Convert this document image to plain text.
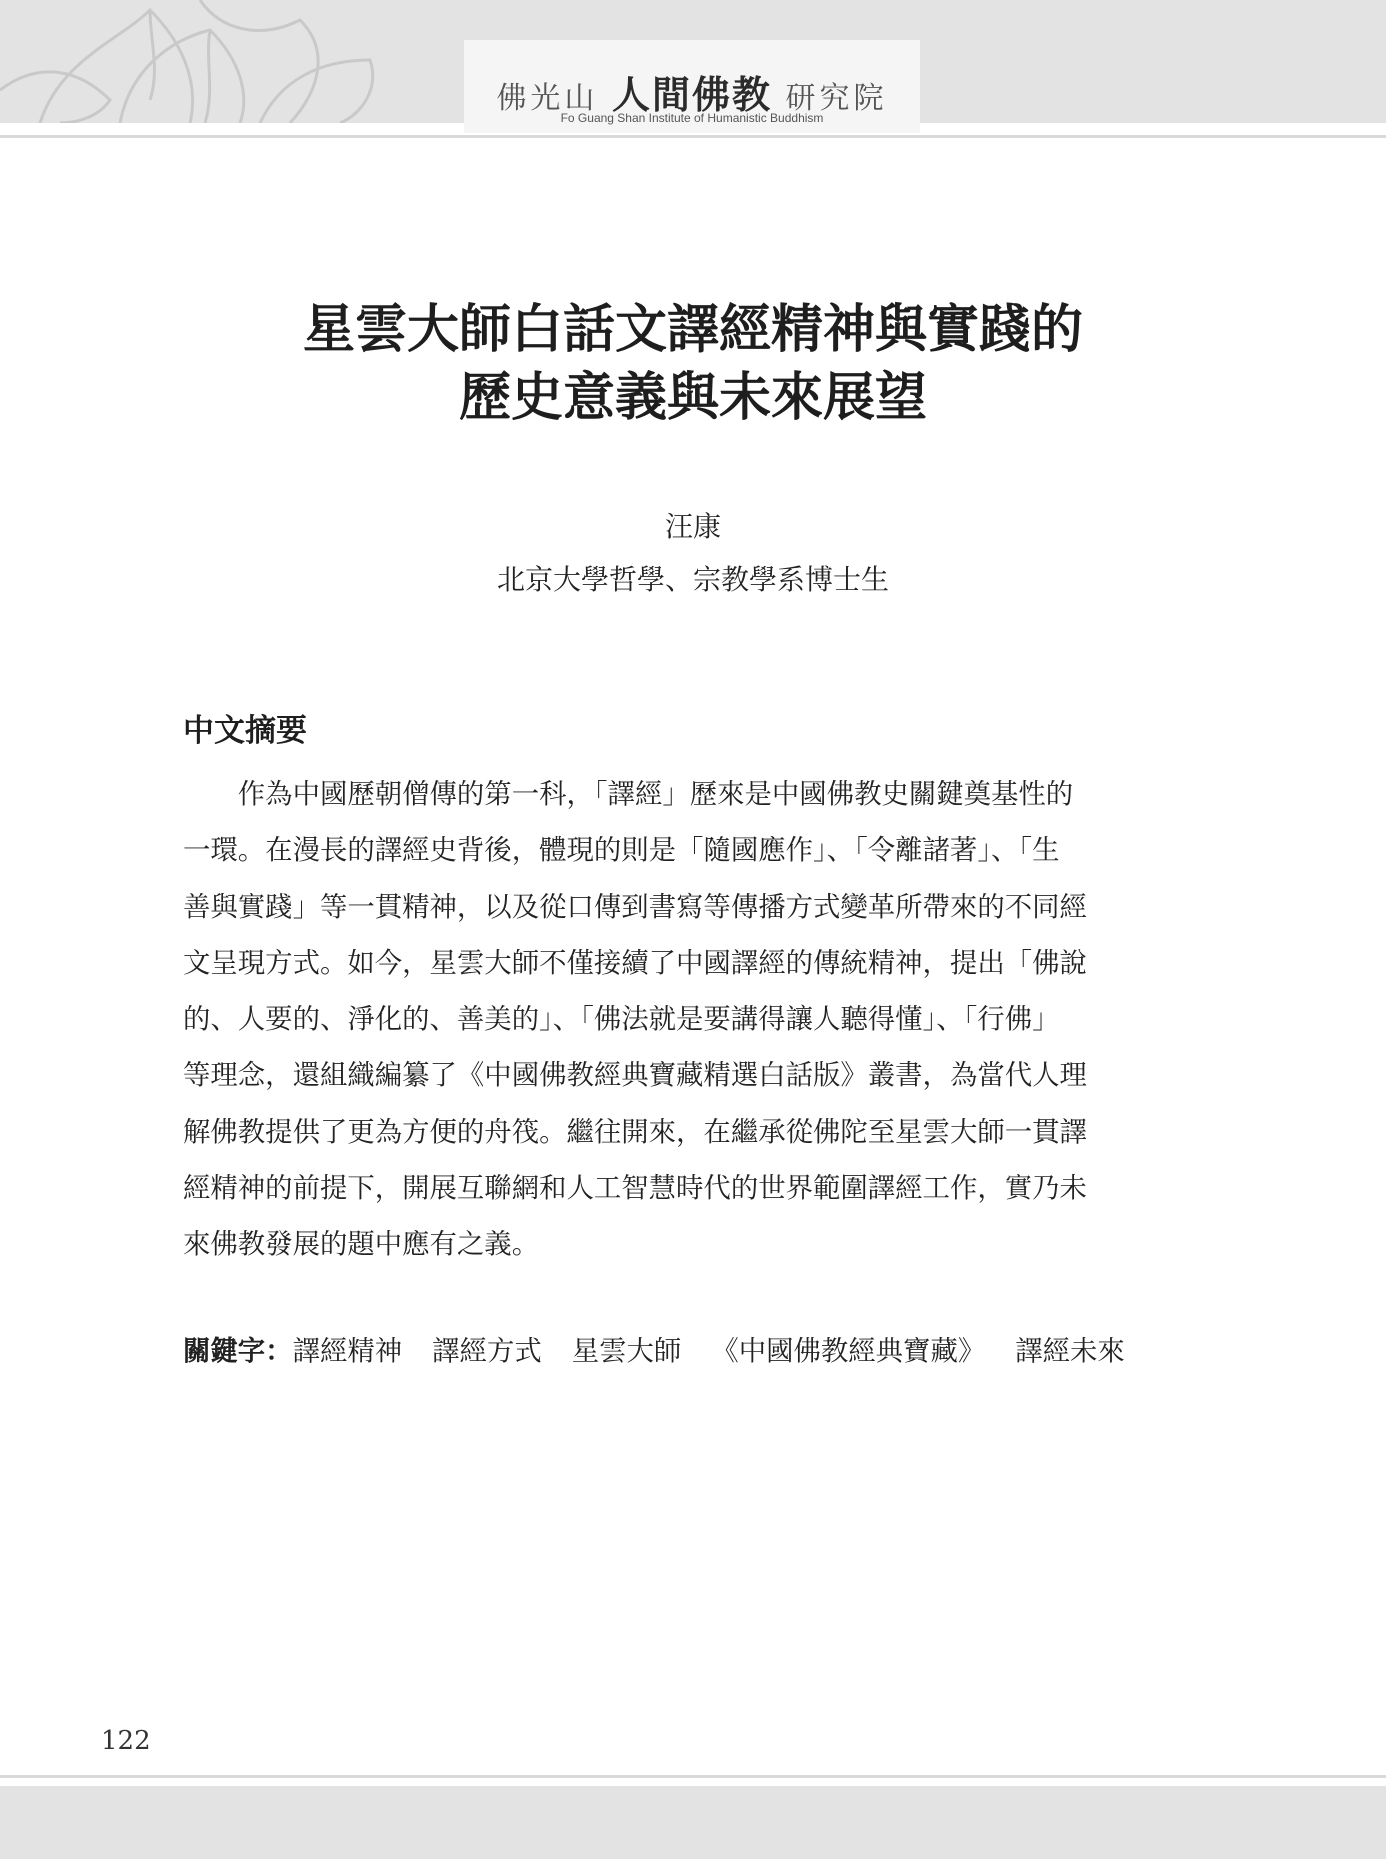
佛光山 人間佛教 研究院
Fo Guang Shan Institute of Humanistic Buddhism
星雲大師白話文譯經精神與實踐的
歷史意義與未來展望
汪康
北京大學哲學、宗教學系博士生
中文摘要
　　作為中國歷朝僧傳的第一科，「譯經」歷來是中國佛教史關鍵奠基性的
一環。在漫長的譯經史背後，體現的則是「隨國應作」、「令離諸著」、「生
善與實踐」等一貫精神，以及從口傳到書寫等傳播方式變革所帶來的不同經
文呈現方式。如今，星雲大師不僅接續了中國譯經的傳統精神，提出「佛說
的、人要的、淨化的、善美的」、「佛法就是要講得讓人聽得懂」、「行佛」
等理念，還組織編纂了《中國佛教經典寶藏精選白話版》叢書，為當代人理
解佛教提供了更為方便的舟筏。繼往開來，在繼承從佛陀至星雲大師一貫譯
經精神的前提下，開展互聯網和人工智慧時代的世界範圍譯經工作，實乃未
來佛教發展的題中應有之義。
關鍵字：譯經精神 譯經方式 星雲大師 《中國佛教經典寶藏》 譯經未來
122
